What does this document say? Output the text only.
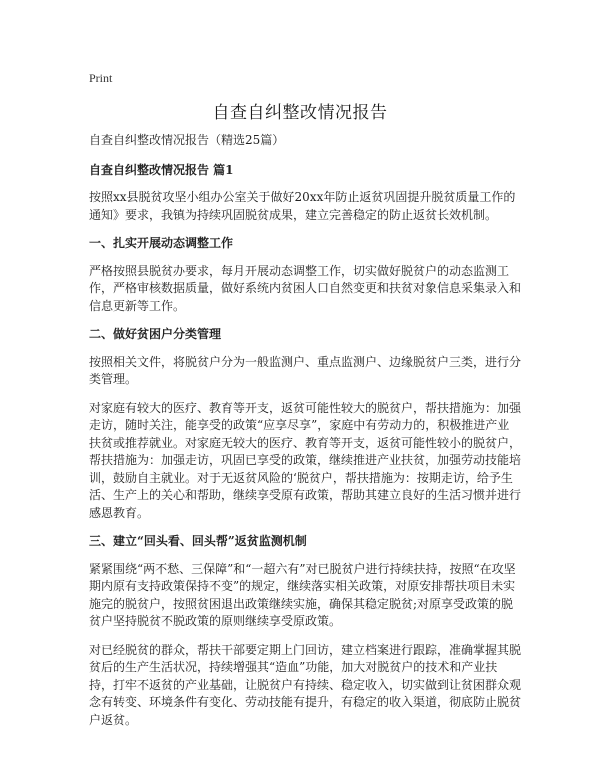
Print
自查自纠整改情况报告

自查自纠整改情况报告（精选25篇）

自查自纠整改情况报告 篇1

按照xx县脱贫攻坚小组办公室关于做好20xx年防止返贫巩固提升脱贫质量工作的通知》要求，我镇为持续巩固脱贫成果，建立完善稳定的防止返贫长效机制。

一、扎实开展动态调整工作

严格按照县脱贫办要求，每月开展动态调整工作，切实做好脱贫户的动态监测工作，严格审核数据质量，做好系统内贫困人口自然变更和扶贫对象信息采集录入和信息更新等工作。

二、做好贫困户分类管理

按照相关文件，将脱贫户分为一般监测户、重点监测户、边缘脱贫户三类，进行分类管理。

对家庭有较大的医疗、教育等开支，返贫可能性较大的脱贫户，帮扶措施为：加强走访，随时关注，能享受的政策“应享尽享”，家庭中有劳动力的，积极推进产业扶贫或推荐就业。对家庭无较大的医疗、教育等开支，返贫可能性较小的脱贫户，帮扶措施为：加强走访，巩固已享受的政策，继续推进产业扶贫，加强劳动技能培训，鼓励自主就业。对于无返贫风险的‘脱贫户，帮扶措施为：按期走访，给予生活、生产上的关心和帮助，继续享受原有政策，帮助其建立良好的生活习惯并进行感恩教育。

三、建立“回头看、回头帮”返贫监测机制

紧紧围绕“两不愁、三保障”和“一超六有”对已脱贫户进行持续扶持，按照“在攻坚期内原有支持政策保持不变”的规定，继续落实相关政策，对原安排帮扶项目未实施完的脱贫户，按照贫困退出政策继续实施，确保其稳定脱贫;对原享受政策的脱贫户坚持脱贫不脱政策的原则继续享受原政策。

对已经脱贫的群众，帮扶干部要定期上门回访，建立档案进行跟踪，准确掌握其脱贫后的生产生活状况，持续增强其“造血”功能，加大对脱贫户的技术和产业扶持，打牢不返贫的产业基础，让脱贫户有持续、稳定收入，切实做到让贫困群众观念有转变、环境条件有变化、劳动技能有提升，有稳定的收入渠道，彻底防止脱贫户返贫。
